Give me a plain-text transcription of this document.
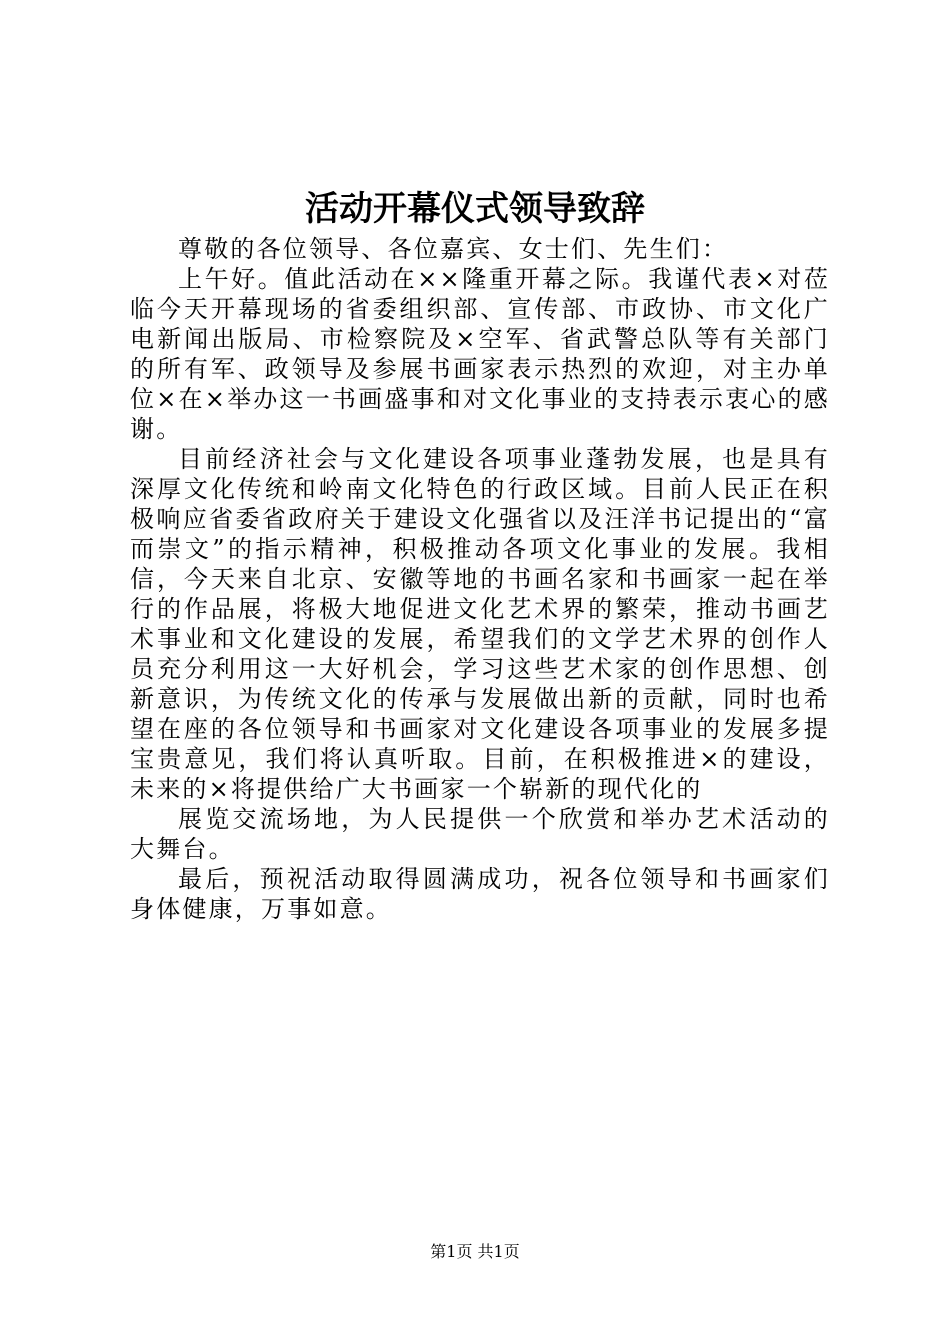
活动开幕仪式领导致辞

尊敬的各位领导、各位嘉宾、女士们、先生们：

上午好。值此活动在××隆重开幕之际。我谨代表×对莅临今天开幕现场的省委组织部、宣传部、市政协、市文化广电新闻出版局、市检察院及×空军、省武警总队等有关部门的所有军、政领导及参展书画家表示热烈的欢迎，对主办单位×在×举办这一书画盛事和对文化事业的支持表示衷心的感谢。

目前经济社会与文化建设各项事业蓬勃发展，也是具有深厚文化传统和岭南文化特色的行政区域。目前人民正在积极响应省委省政府关于建设文化强省以及汪洋书记提出的“富而崇文”的指示精神，积极推动各项文化事业的发展。我相信，今天来自北京、安徽等地的书画名家和书画家一起在举行的作品展，将极大地促进文化艺术界的繁荣，推动书画艺术事业和文化建设的发展，希望我们的文学艺术界的创作人员充分利用这一大好机会，学习这些艺术家的创作思想、创新意识，为传统文化的传承与发展做出新的贡献，同时也希望在座的各位领导和书画家对文化建设各项事业的发展多提宝贵意见，我们将认真听取。目前，在积极推进×的建设，未来的×将提供给广大书画家一个崭新的现代化的

展览交流场地，为人民提供一个欣赏和举办艺术活动的大舞台。

最后，预祝活动取得圆满成功，祝各位领导和书画家们身体健康，万事如意。

第1页 共1页
